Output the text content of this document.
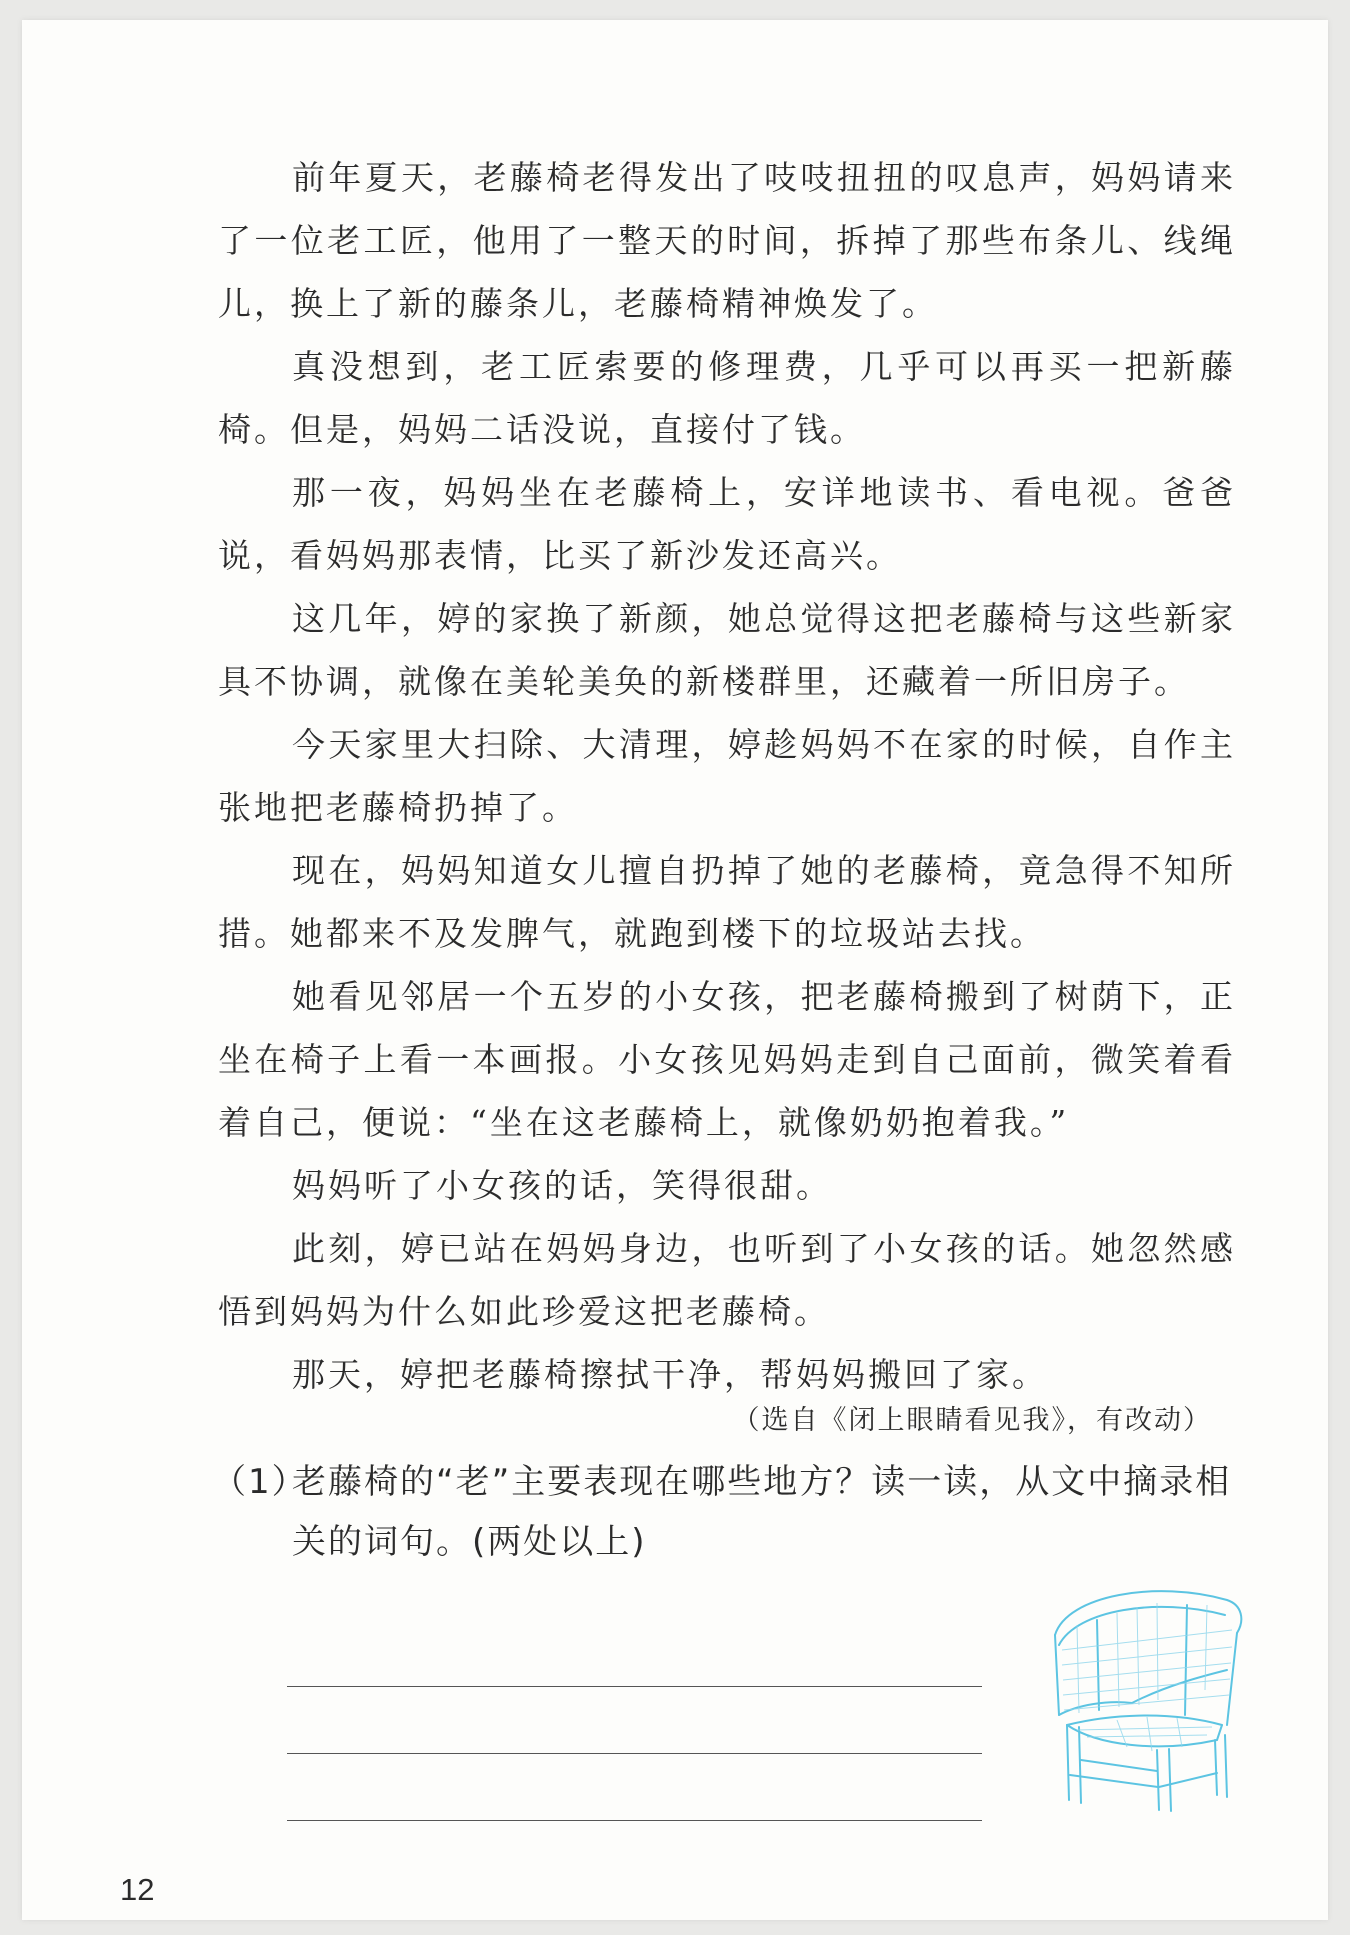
前年夏天，老藤椅老得发出了吱吱扭扭的叹息声，妈妈请来了一位老工匠，他用了一整天的时间，拆掉了那些布条儿、线绳儿，换上了新的藤条儿，老藤椅精神焕发了。

真没想到，老工匠索要的修理费，几乎可以再买一把新藤椅。但是，妈妈二话没说，直接付了钱。

那一夜，妈妈坐在老藤椅上，安详地读书、看电视。爸爸说，看妈妈那表情，比买了新沙发还高兴。

这几年，婷的家换了新颜，她总觉得这把老藤椅与这些新家具不协调，就像在美轮美奂的新楼群里，还藏着一所旧房子。

今天家里大扫除、大清理，婷趁妈妈不在家的时候，自作主张地把老藤椅扔掉了。

现在，妈妈知道女儿擅自扔掉了她的老藤椅，竟急得不知所措。她都来不及发脾气，就跑到楼下的垃圾站去找。

她看见邻居一个五岁的小女孩，把老藤椅搬到了树荫下，正坐在椅子上看一本画报。小女孩见妈妈走到自己面前，微笑着看着自己，便说：“坐在这老藤椅上，就像奶奶抱着我。”

妈妈听了小女孩的话，笑得很甜。

此刻，婷已站在妈妈身边，也听到了小女孩的话。她忽然感悟到妈妈为什么如此珍爱这把老藤椅。

那天，婷把老藤椅擦拭干净，帮妈妈搬回了家。

（选自《闭上眼睛看见我》，有改动）
（1）
老藤椅的“老”主要表现在哪些地方？读一读，从文中摘录相关的词句。(两处以上)
12
